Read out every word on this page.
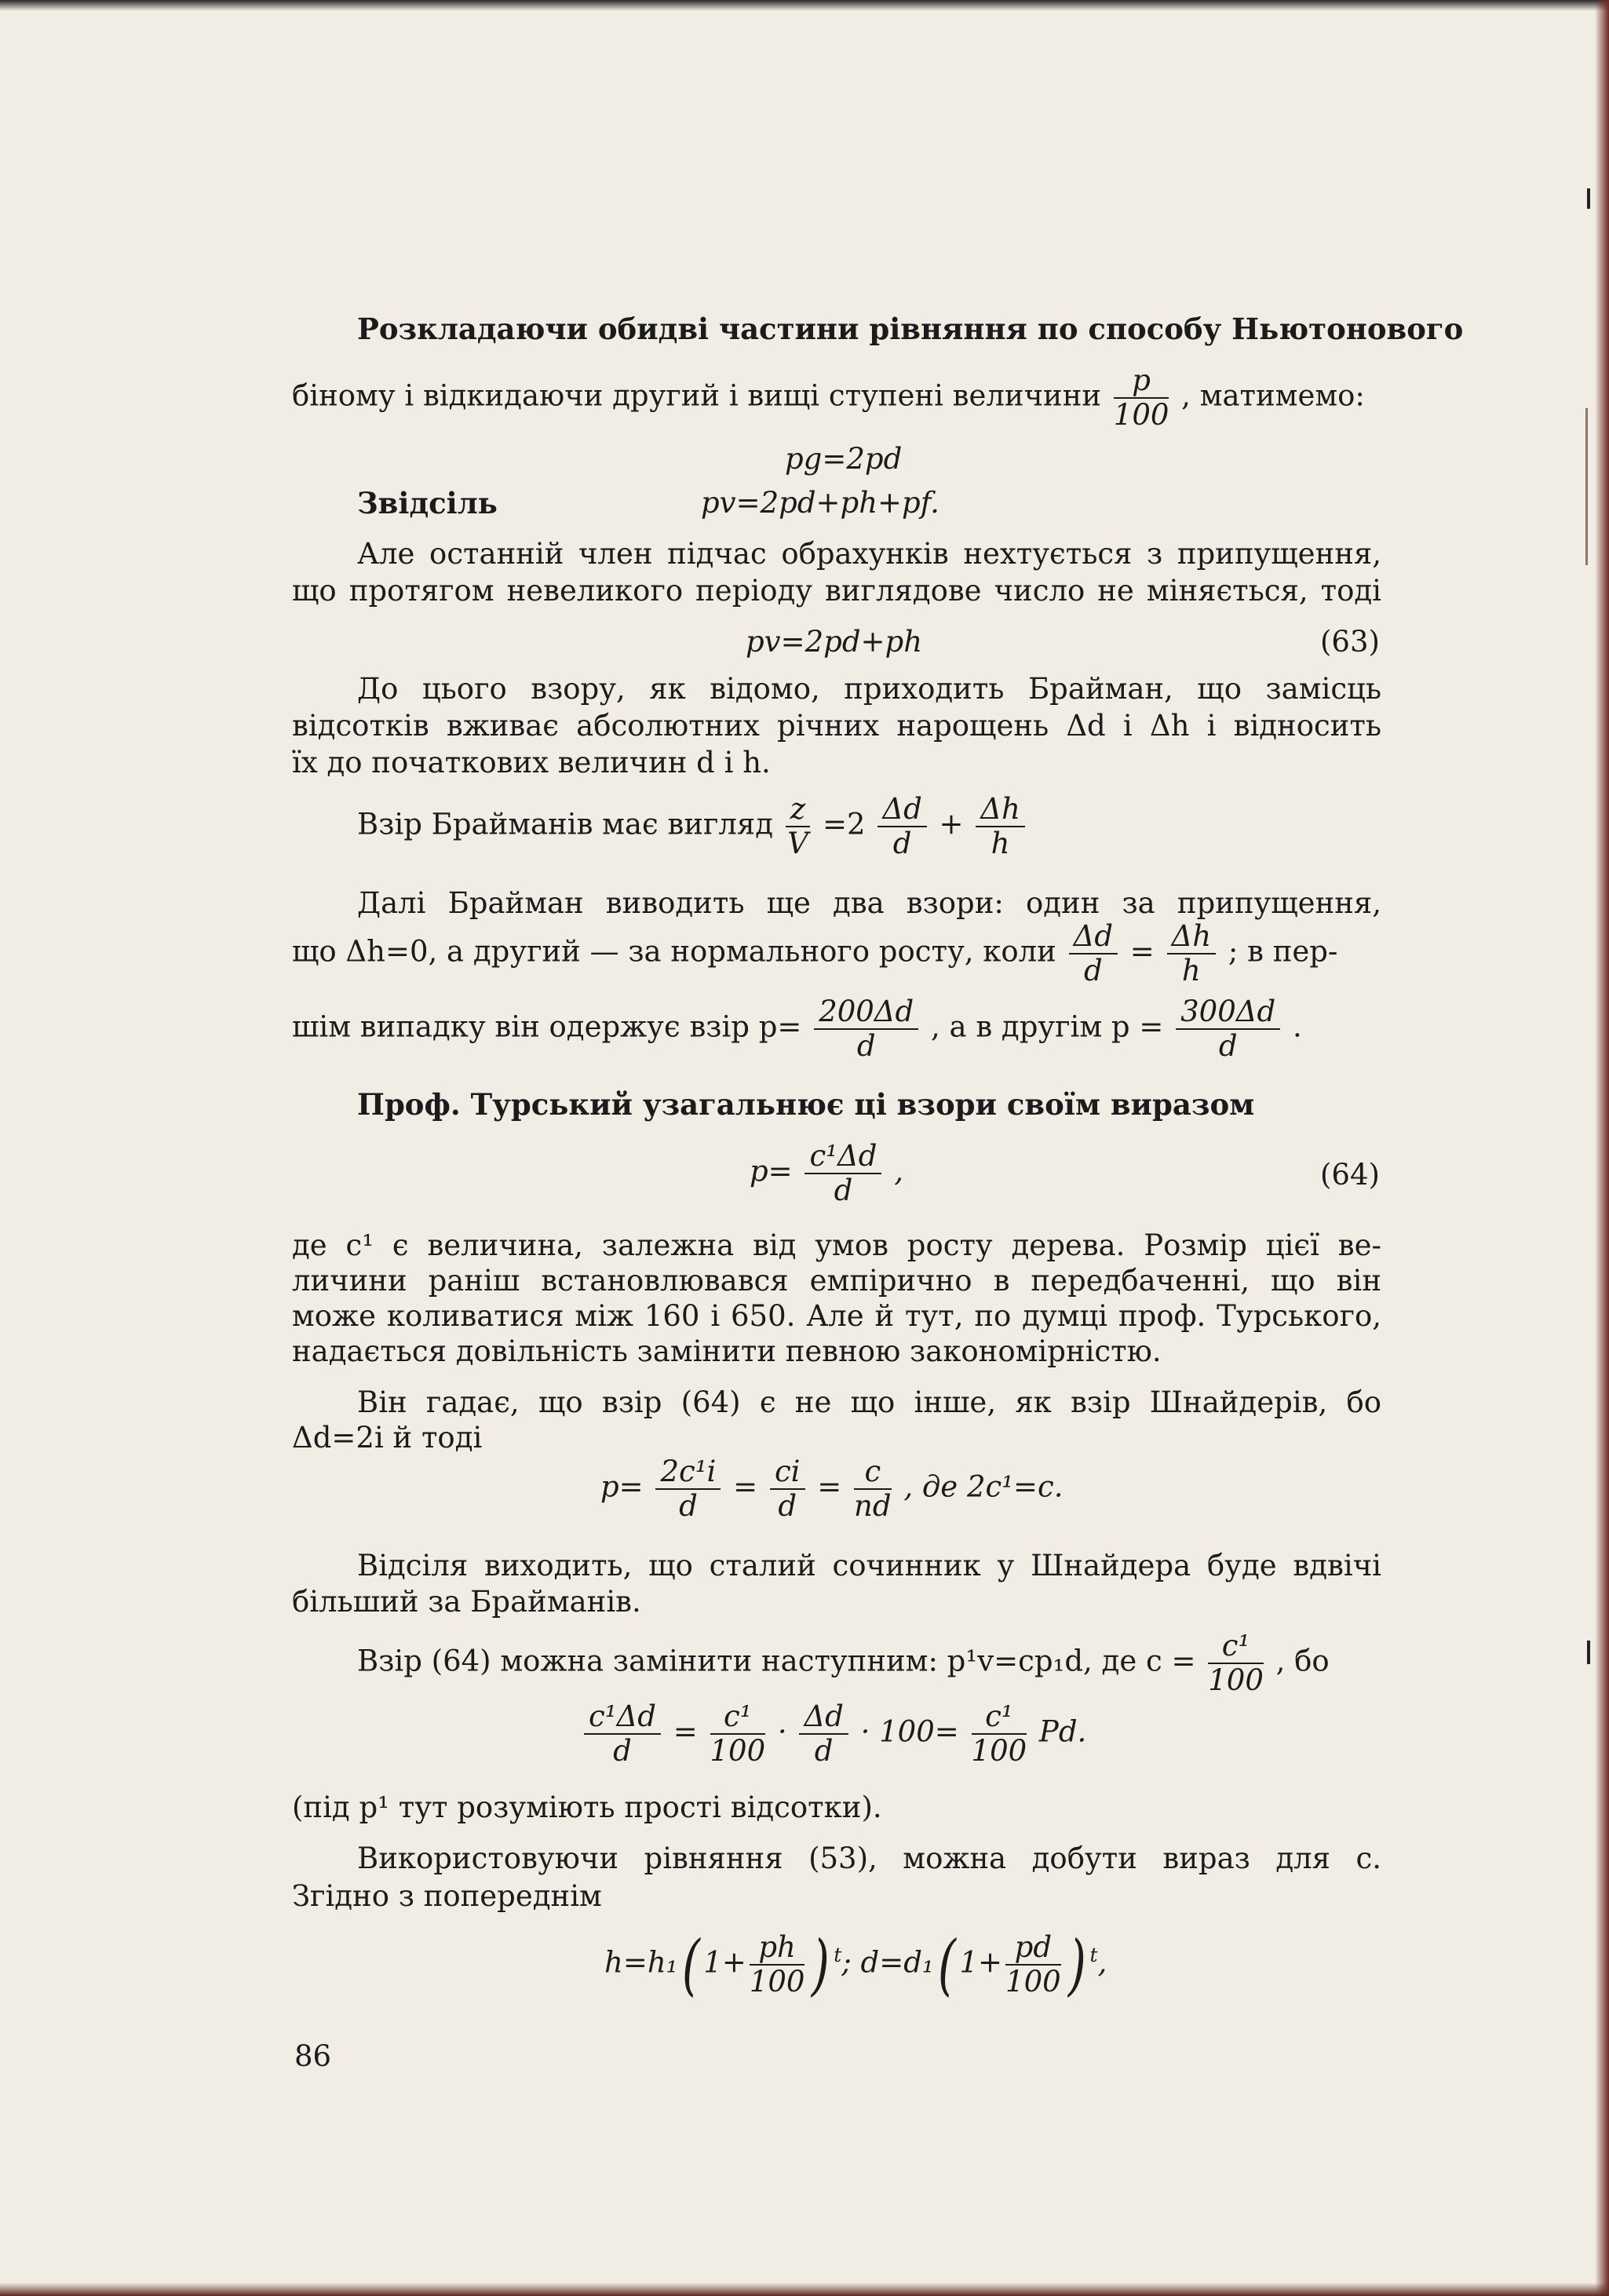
Розкладаючи обидві частини рівняння по способу Ньютонового
біному і відкидаючи другий і вищі ступені величини $\frac{p}{100}$ , матимемо:
pg=2pd
Звідсіль	pv=2pd+ph+pf.
Але останній член підчас обрахунків нехтується з припущення,
що протягом невеликого періоду виглядове число не міняється, тоді
pv=2pd+ph	(63)
До цього взору, як відомо, приходить Брайман, що замісць
відсотків вживає абсолютних річних нарощень Δd і Δh і відносить
їх до початкових величин d і h.
Взір Брайманів має вигляд $\frac{z}{V} =2 \frac{\Delta d}{d} + \frac{\Delta h}{h}$
Далі Брайман виводить ще два взори: один за припущення,
що Δh=0, а другий — за нормального росту, коли $\frac{\Delta d}{d} = \frac{\Delta h}{h}$ ; в пер-
шім випадку він одержує взір $p= \frac{200\Delta d}{d}$ , а в другім $p = \frac{300\Delta d}{d}$ .
Проф. Турський узагальнює ці взори своїм виразом
$p= \frac{\text{c¹Δd}}{d}$ ,	(64)
де c¹ є величина, залежна від умов росту дерева. Розмір цієї ве-
личини раніш встановлювався емпірично в передбаченні, що він
може коливатися між 160 і 650. Але й тут, по думці проф. Турського,
надається довільність замінити певною закономірністю.
Він гадає, що взір (64) є не що інше, як взір Шнайдерів, бо
Δd=2i й тоді
$p= \frac{\text{2c¹i}}{d} = \frac{ci}{d} = \frac{c}{nd}$ , де 2c¹=c.
Відсіля виходить, що сталий сочинник у Шнайдера буде вдвічі
більший за Брайманів.
Взір (64) можна замінити наступним: p¹v=cp₁d, де $c = \frac{\text{c¹}}{100}$ , бо
$\frac{\text{c¹Δd}}{d} = \frac{\text{c¹}}{100} \cdot \frac{\Delta d}{d} \cdot 100= \frac{\text{c¹}}{100} Pd$.
(під p¹ тут розуміють прості відсотки).
Використовуючи рівняння (53), можна добути вираз для c.
Згідно з попереднім
h=h₁( $1+ \frac{ph}{100}$ ) $^t$; d=d₁( $1+ \frac{pd}{100}$ ) $^t$,
86
